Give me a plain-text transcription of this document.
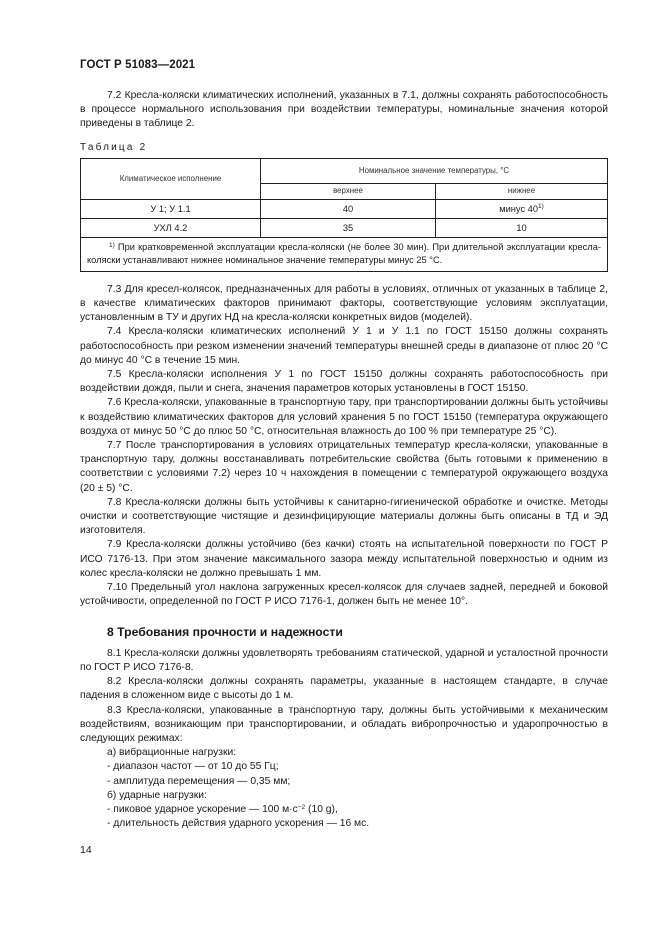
ГОСТ Р 51083—2021

7.2 Кресла-коляски климатических исполнений, указанных в 7.1, должны сохранять работоспособность в процессе нормального использования при воздействии температуры, номинальные значения которой приведены в таблице 2.

Таблица 2
Климатическое исполнение	Номинальное значение температуры, °C	
	верхнее	нижнее
У 1; У 1.1	40	минус 40$^{1)}$
УХЛ 4.2	35	10

$^{1)}$ При кратковременной эксплуатации кресла-коляски (не более 30 мин). При длительной эксплуатации кресла-коляски устанавливают нижнее номинальное значение температуры минус 25 °C.		

7.3 Для кресел-колясок, предназначенных для работы в условиях, отличных от указанных в таблице 2, в качестве климатических факторов принимают факторы, соответствующие условиям эксплуатации, установленным в ТУ и других НД на кресла-коляски конкретных видов (моделей).

7.4 Кресла-коляски климатических исполнений У 1 и У 1.1 по ГОСТ 15150 должны сохранять работоспособность при резком изменении значений температуры внешней среды в диапазоне от плюс 20 °C до минус 40 °C в течение 15 мин.

7.5 Кресла-коляски исполнения У 1 по ГОСТ 15150 должны сохранять работоспособность при воздействии дождя, пыли и снега, значения параметров которых установлены в ГОСТ 15150.

7.6 Кресла-коляски, упакованные в транспортную тару, при транспортировании должны быть устойчивы к воздействию климатических факторов для условий хранения 5 по ГОСТ 15150 (температура окружающего воздуха от минус 50 °C до плюс 50 °C, относительная влажность до 100 % при температуре 25 °C).

7.7 После транспортирования в условиях отрицательных температур кресла-коляски, упакованные в транспортную тару, должны восстанавливать потребительские свойства (быть готовыми к применению в соответствии с условиями 7.2) через 10 ч нахождения в помещении с температурой окружающего воздуха (20 ± 5) °C.

7.8 Кресла-коляски должны быть устойчивы к санитарно-гигиенической обработке и очистке. Методы очистки и соответствующие чистящие и дезинфицирующие материалы должны быть описаны в ТД и ЭД изготовителя.

7.9 Кресла-коляски должны устойчиво (без качки) стоять на испытательной поверхности по ГОСТ Р ИСО 7176-13. При этом значение максимального зазора между испытательной поверхностью и одним из колес кресла-коляски не должно превышать 1 мм.

7.10 Предельный угол наклона загруженных кресел-колясок для случаев задней, передней и боковой устойчивости, определенной по ГОСТ Р ИСО 7176-1, должен быть не менее 10°.

8 Требования прочности и надежности

8.1 Кресла-коляски должны удовлетворять требованиям статической, ударной и усталостной прочности по ГОСТ Р ИСО 7176-8.

8.2 Кресла-коляски должны сохранять параметры, указанные в настоящем стандарте, в случае падения в сложенном виде с высоты до 1 м.

8.3 Кресла-коляски, упакованные в транспортную тару, должны быть устойчивыми к механическим воздействиям, возникающим при транспортировании, и обладать вибропрочностью и ударопрочностью в следующих режимах:

а) вибрационные нагрузки:
- диапазон частот — от 10 до 55 Гц;
- амплитуда перемещения — 0,35 мм;
б) ударные нагрузки:
- пиковое ударное ускорение — 100 $м\cdot с^{-2}$ (10 g),
- длительность действия ударного ускорения — 16 мс.
14
